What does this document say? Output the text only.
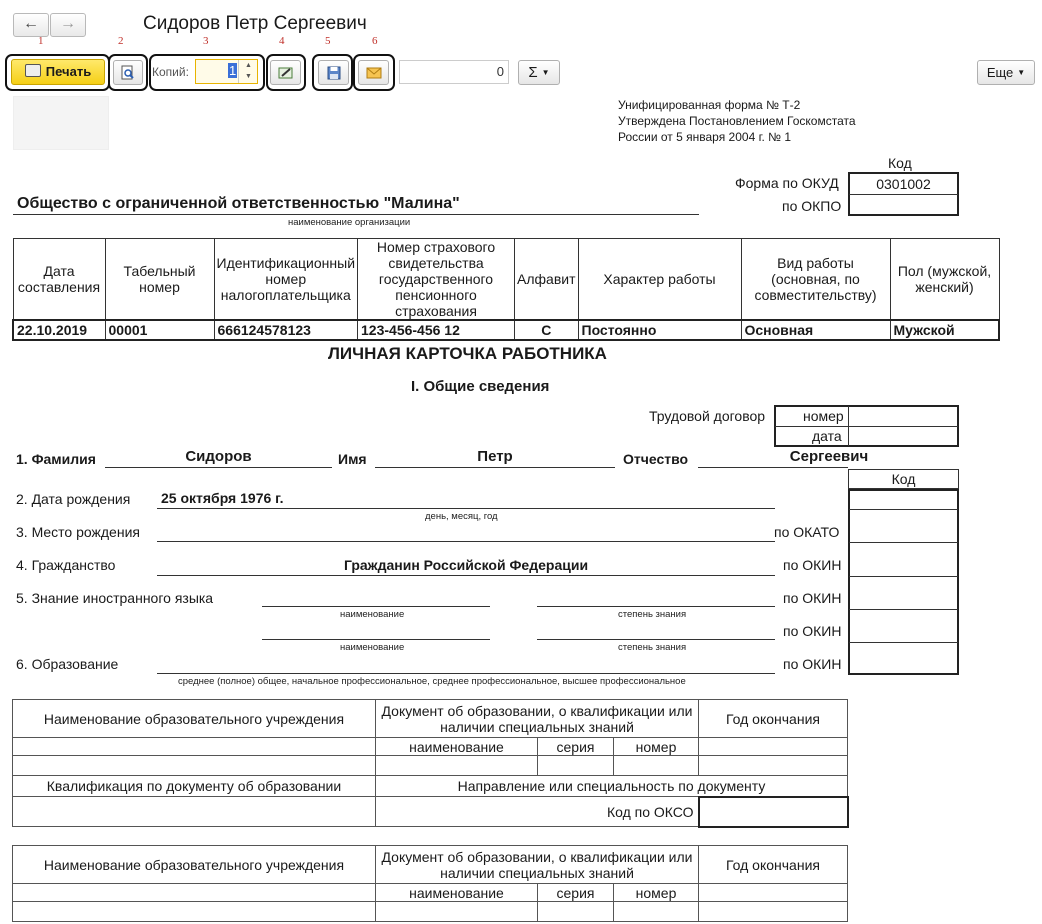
←	→	Сидоров Петр Сергеевич
1	2	3	4	5	6
Печать	Копий:	1	▲
▼	0	Σ ▼	Еще ▼
Унифицированная форма № Т-2
Утверждена Постановлением Госкомстата
России от 5 января 2004 г. № 1
Код
Форма по ОКУД	0301002
по ОКПО
Общество с ограниченной ответственностью "Малина"
наименование организации
Дата составления	Табельный номер	Идентификационный номер налогоплательщика	Номер страхового свидетельства государственного пенсионного страхования	Алфавит	Характер работы	Вид работы (основная, по совместительству)	Пол (мужской, женский)
22.10.2019	00001	666124578123	123-456-456 12	С	Постоянно	Основная	Мужской
ЛИЧНАЯ КАРТОЧКА РАБОТНИКА
I. Общие сведения
Трудовой договор	номер
дата
1. Фамилия	Сидоров	Имя	Петр	Отчество	Сергеевич
Код
2. Дата рождения 25 октября 1976 г.
день, месяц, год
3. Место рождения	по ОКАТО
4. Гражданство	Гражданин Российской Федерации	по ОКИН
5. Знание иностранного языка
наименование	степень знания
по ОКИН
наименование	степень знания
по ОКИН
6. Образование
среднее (полное) общее, начальное профессиональное, среднее профессиональное, высшее профессиональное
по ОКИН
Наименование образовательного учреждения	Документ об образовании, о квалификации или наличии специальных знаний			Год окончания

	наименование	серия	номер	

Квалификация по документу об образовании	Направление или специальность по документу			
	Код по ОКСО			
Наименование образовательного учреждения	Документ об образовании, о квалификации или наличии специальных знаний			Год окончания

	наименование	серия	номер	
